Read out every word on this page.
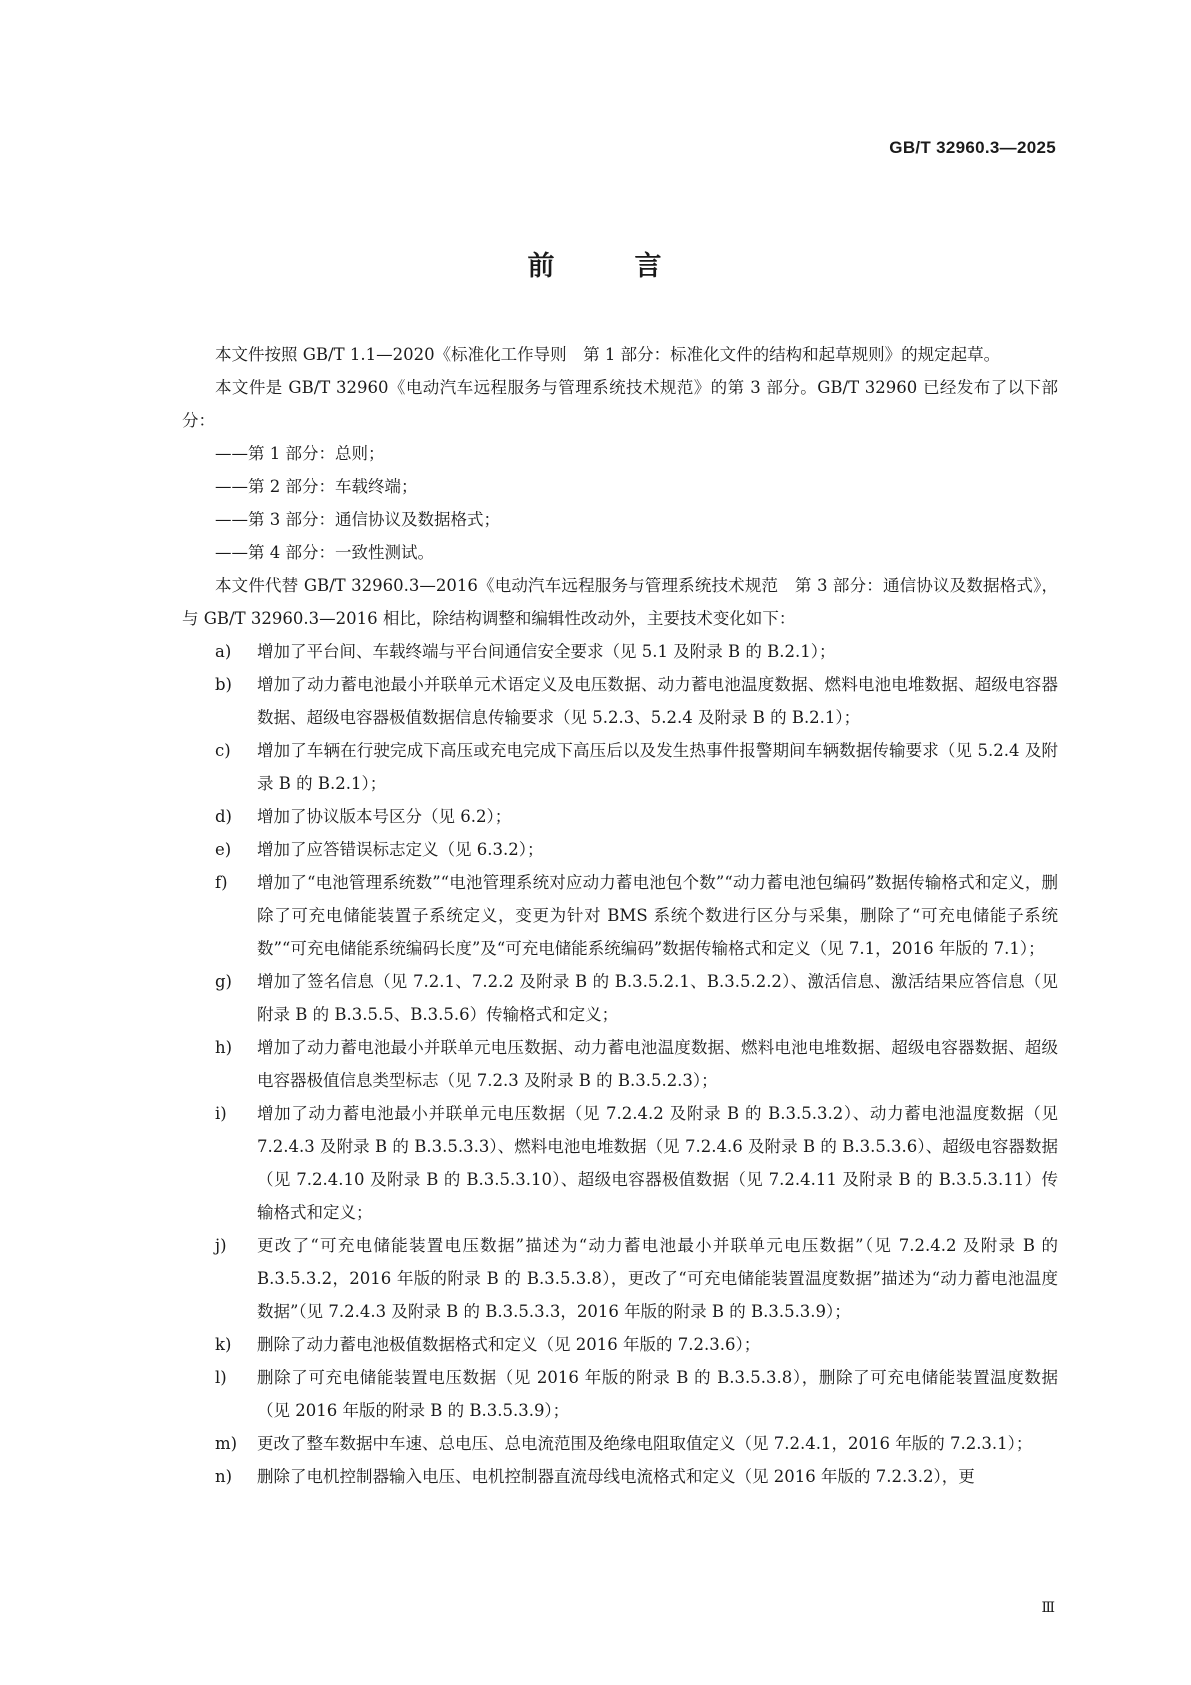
GB/T 32960.3—2025
前	言

本文件按照 GB/T 1.1—2020《标准化工作导则　第 1 部分：标准化文件的结构和起草规则》的规定起草。

本文件是 GB/T 32960《电动汽车远程服务与管理系统技术规范》的第 3 部分。GB/T 32960 已经发布了以下部分：

——第 1 部分：总则；

——第 2 部分：车载终端；

——第 3 部分：通信协议及数据格式；

——第 4 部分：一致性测试。

本文件代替 GB/T 32960.3—2016《电动汽车远程服务与管理系统技术规范　第 3 部分：通信协议及数据格式》，与 GB/T 32960.3—2016 相比，除结构调整和编辑性改动外，主要技术变化如下：

a)	增加了平台间、车载终端与平台间通信安全要求（见 5.1 及附录 B 的 B.2.1）；
b)	增加了动力蓄电池最小并联单元术语定义及电压数据、动力蓄电池温度数据、燃料电池电堆数据、超级电容器数据、超级电容器极值数据信息传输要求（见 5.2.3、5.2.4 及附录 B 的 B.2.1）；
c)	增加了车辆在行驶完成下高压或充电完成下高压后以及发生热事件报警期间车辆数据传输要求（见 5.2.4 及附录 B 的 B.2.1）；
d)	增加了协议版本号区分（见 6.2）；
e)	增加了应答错误标志定义（见 6.3.2）；
f)	增加了“电池管理系统数”“电池管理系统对应动力蓄电池包个数”“动力蓄电池包编码”数据传输格式和定义，删除了可充电储能装置子系统定义，变更为针对 BMS 系统个数进行区分与采集，删除了“可充电储能子系统数”“可充电储能系统编码长度”及“可充电储能系统编码”数据传输格式和定义（见 7.1，2016 年版的 7.1）；
g)	增加了签名信息（见 7.2.1、7.2.2 及附录 B 的 B.3.5.2.1、B.3.5.2.2）、激活信息、激活结果应答信息（见附录 B 的 B.3.5.5、B.3.5.6）传输格式和定义；
h)	增加了动力蓄电池最小并联单元电压数据、动力蓄电池温度数据、燃料电池电堆数据、超级电容器数据、超级电容器极值信息类型标志（见 7.2.3 及附录 B 的 B.3.5.2.3）；
i)	增加了动力蓄电池最小并联单元电压数据（见 7.2.4.2 及附录 B 的 B.3.5.3.2）、动力蓄电池温度数据（见 7.2.4.3 及附录 B 的 B.3.5.3.3）、燃料电池电堆数据（见 7.2.4.6 及附录 B 的 B.3.5.3.6）、超级电容器数据（见 7.2.4.10 及附录 B 的 B.3.5.3.10）、超级电容器极值数据（见 7.2.4.11 及附录 B 的 B.3.5.3.11）传输格式和定义；
j)	更改了“可充电储能装置电压数据”描述为“动力蓄电池最小并联单元电压数据”（见 7.2.4.2 及附录 B 的 B.3.5.3.2，2016 年版的附录 B 的 B.3.5.3.8），更改了“可充电储能装置温度数据”描述为“动力蓄电池温度数据”（见 7.2.4.3 及附录 B 的 B.3.5.3.3，2016 年版的附录 B 的 B.3.5.3.9）；
k)	删除了动力蓄电池极值数据格式和定义（见 2016 年版的 7.2.3.6）；
l)	删除了可充电储能装置电压数据（见 2016 年版的附录 B 的 B.3.5.3.8），删除了可充电储能装置温度数据（见 2016 年版的附录 B 的 B.3.5.3.9）；
m)	更改了整车数据中车速、总电压、总电流范围及绝缘电阻取值定义（见 7.2.4.1，2016 年版的 7.2.3.1）；
n)	删除了电机控制器输入电压、电机控制器直流母线电流格式和定义（见 2016 年版的 7.2.3.2），更
Ⅲ
